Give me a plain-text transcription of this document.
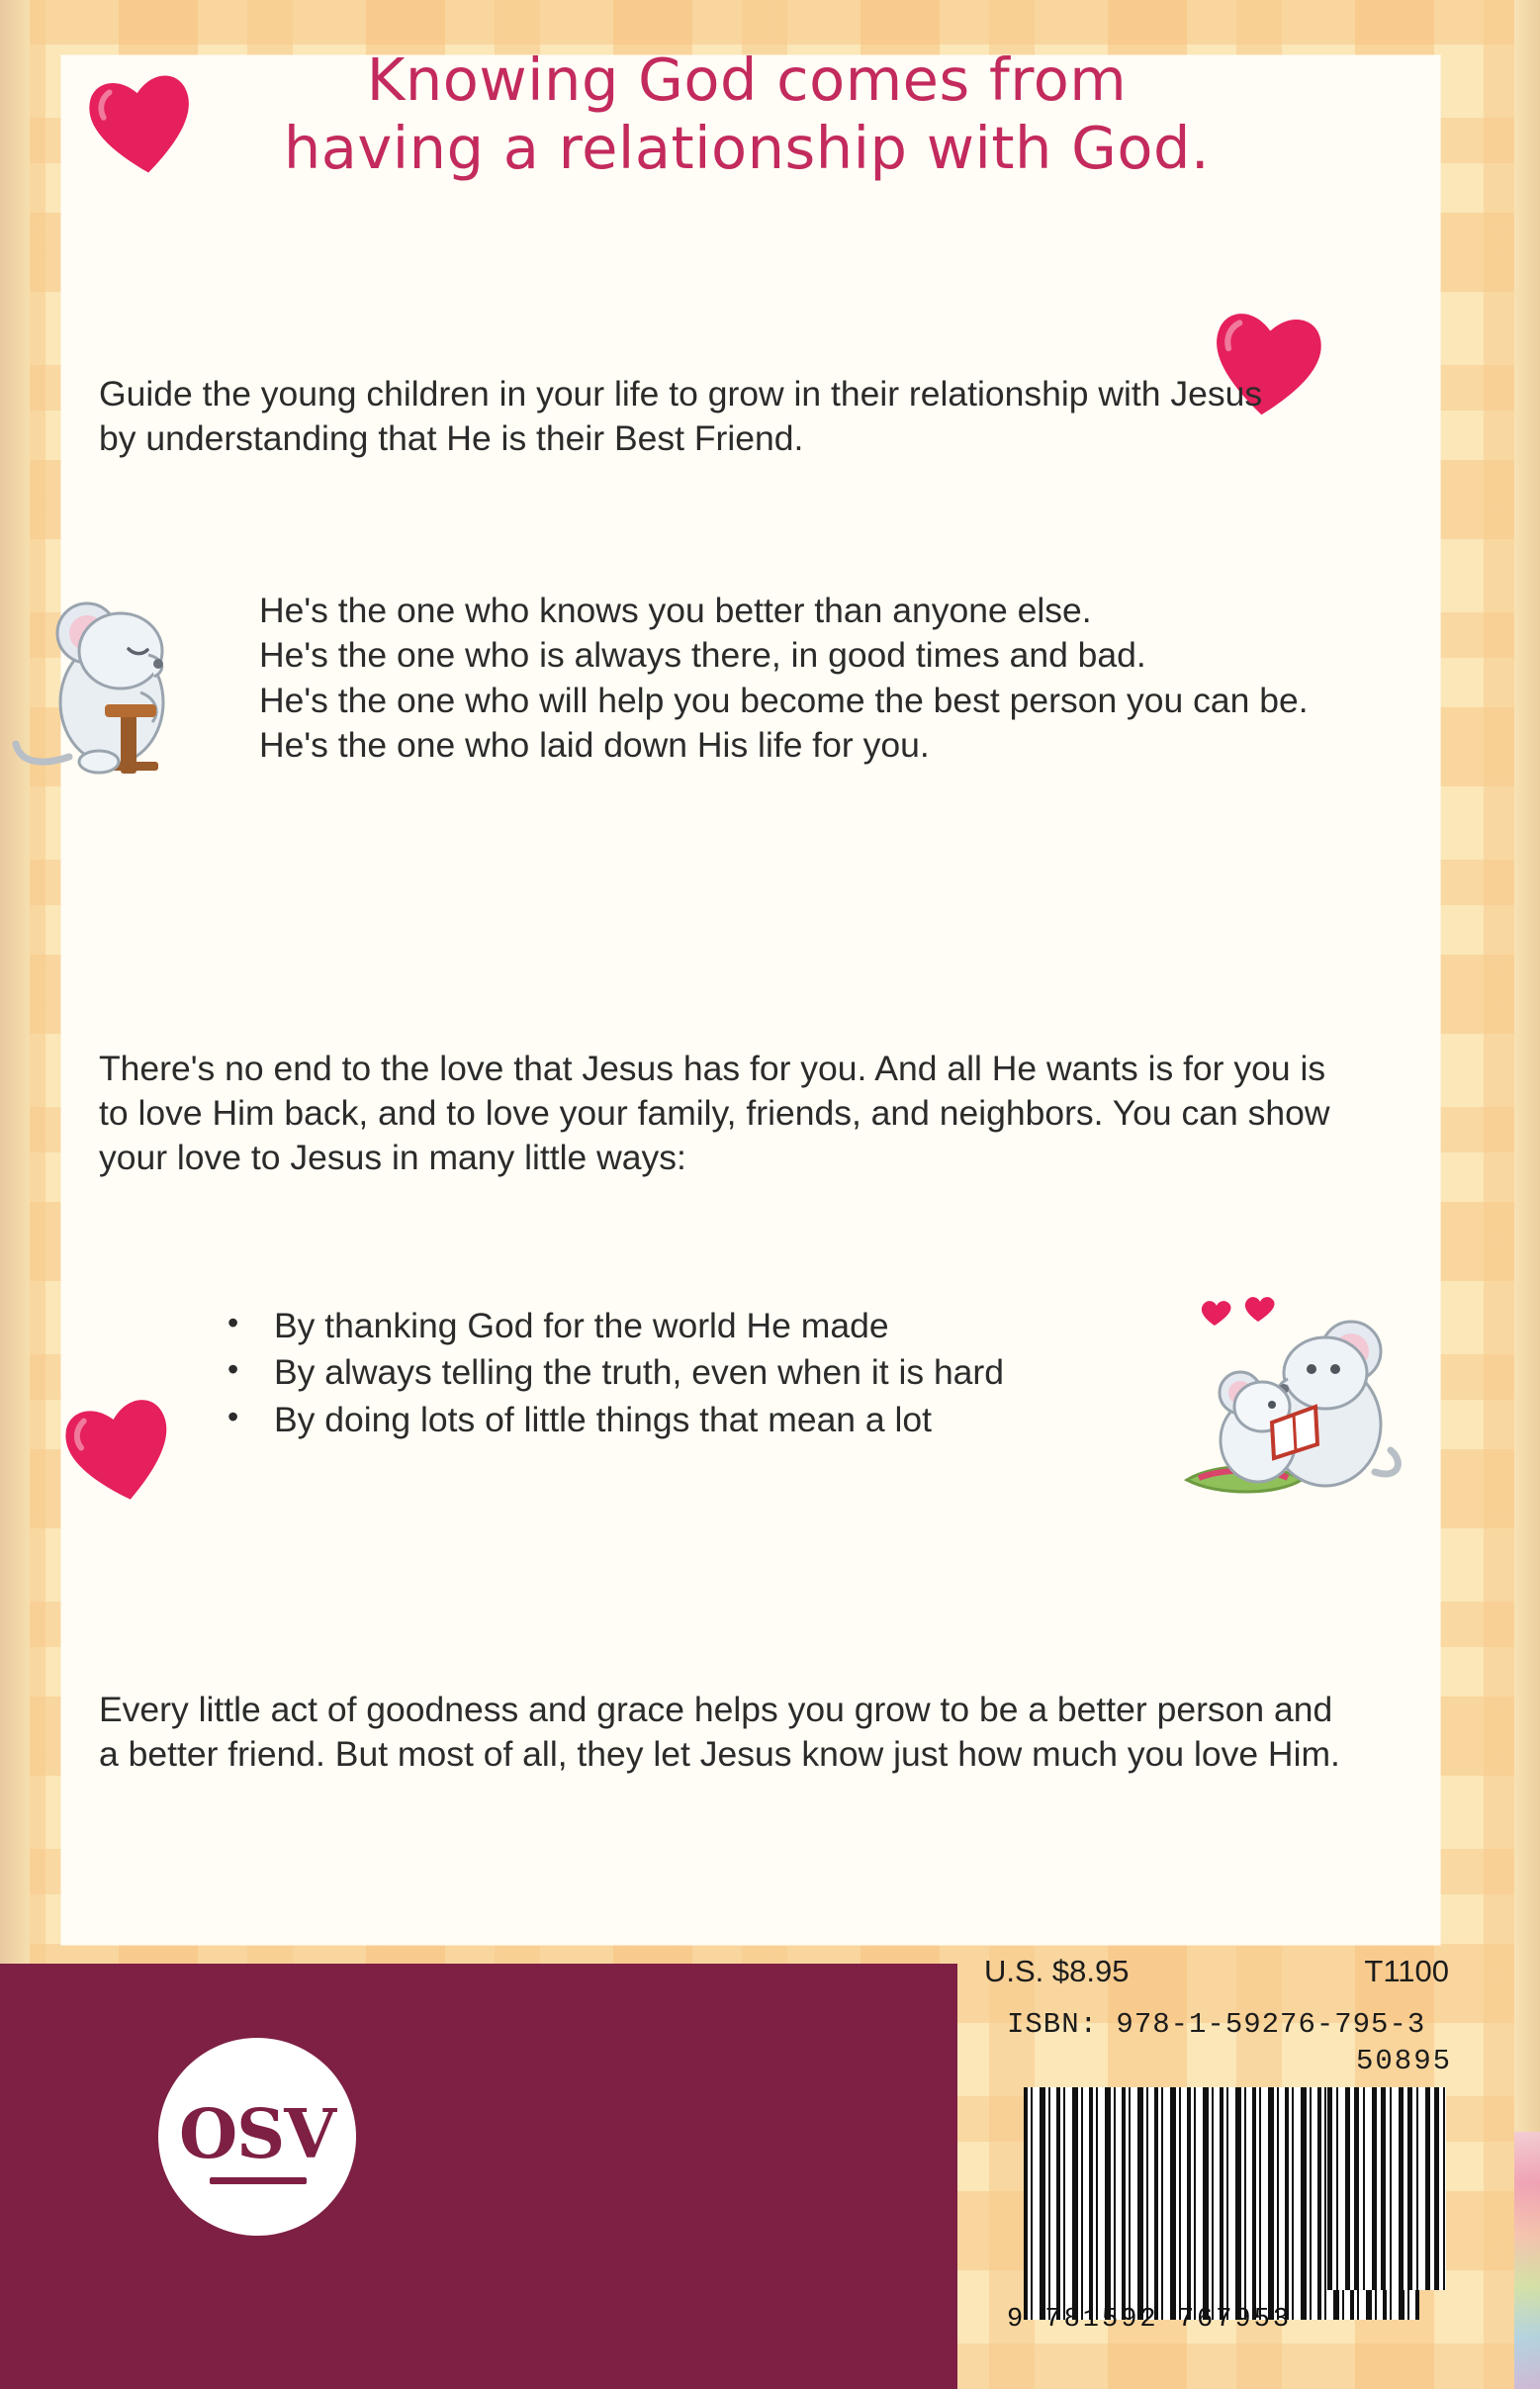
Knowing God comes from
having a relationship with God.

Guide the young children in your life to grow in their relationship with Jesus by understanding that He is their Best Friend.

He's the one who knows you better than anyone else.
He's the one who is always there, in good times and bad.
He's the one who will help you become the best person you can be.
He's the one who laid down His life for you.

There's no end to the love that Jesus has for you. And all He wants is for you is to love Him back, and to love your family, friends, and neighbors. You can show your love to Jesus in many little ways:

• By thanking God for the world He made
• By always telling the truth, even when it is hard
• By doing lots of little things that mean a lot

Every little act of goodness and grace helps you grow to be a better person and a better friend. But most of all, they let Jesus know just how much you love Him.

OSV
U.S. $8.95	T1100
ISBN: 978-1-59276-795-3
50895
9 781592 767953
